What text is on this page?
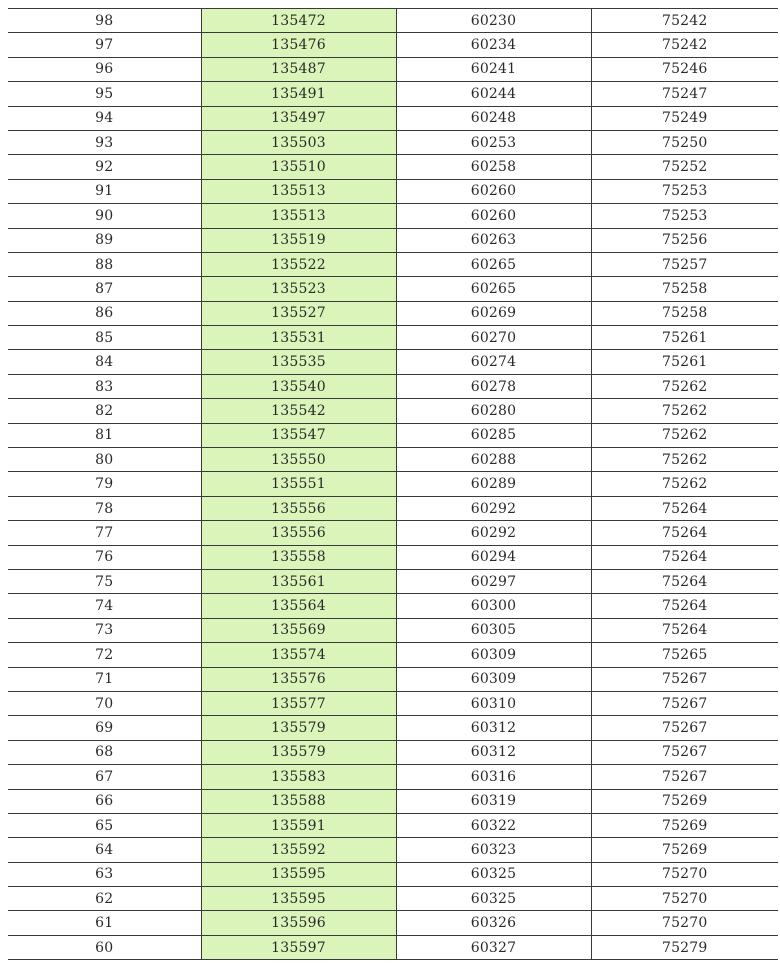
98	135472	60230	75242
97	135476	60234	75242
96	135487	60241	75246
95	135491	60244	75247
94	135497	60248	75249
93	135503	60253	75250
92	135510	60258	75252
91	135513	60260	75253
90	135513	60260	75253
89	135519	60263	75256
88	135522	60265	75257
87	135523	60265	75258
86	135527	60269	75258
85	135531	60270	75261
84	135535	60274	75261
83	135540	60278	75262
82	135542	60280	75262
81	135547	60285	75262
80	135550	60288	75262
79	135551	60289	75262
78	135556	60292	75264
77	135556	60292	75264
76	135558	60294	75264
75	135561	60297	75264
74	135564	60300	75264
73	135569	60305	75264
72	135574	60309	75265
71	135576	60309	75267
70	135577	60310	75267
69	135579	60312	75267
68	135579	60312	75267
67	135583	60316	75267
66	135588	60319	75269
65	135591	60322	75269
64	135592	60323	75269
63	135595	60325	75270
62	135595	60325	75270
61	135596	60326	75270
60	135597	60327	75279
